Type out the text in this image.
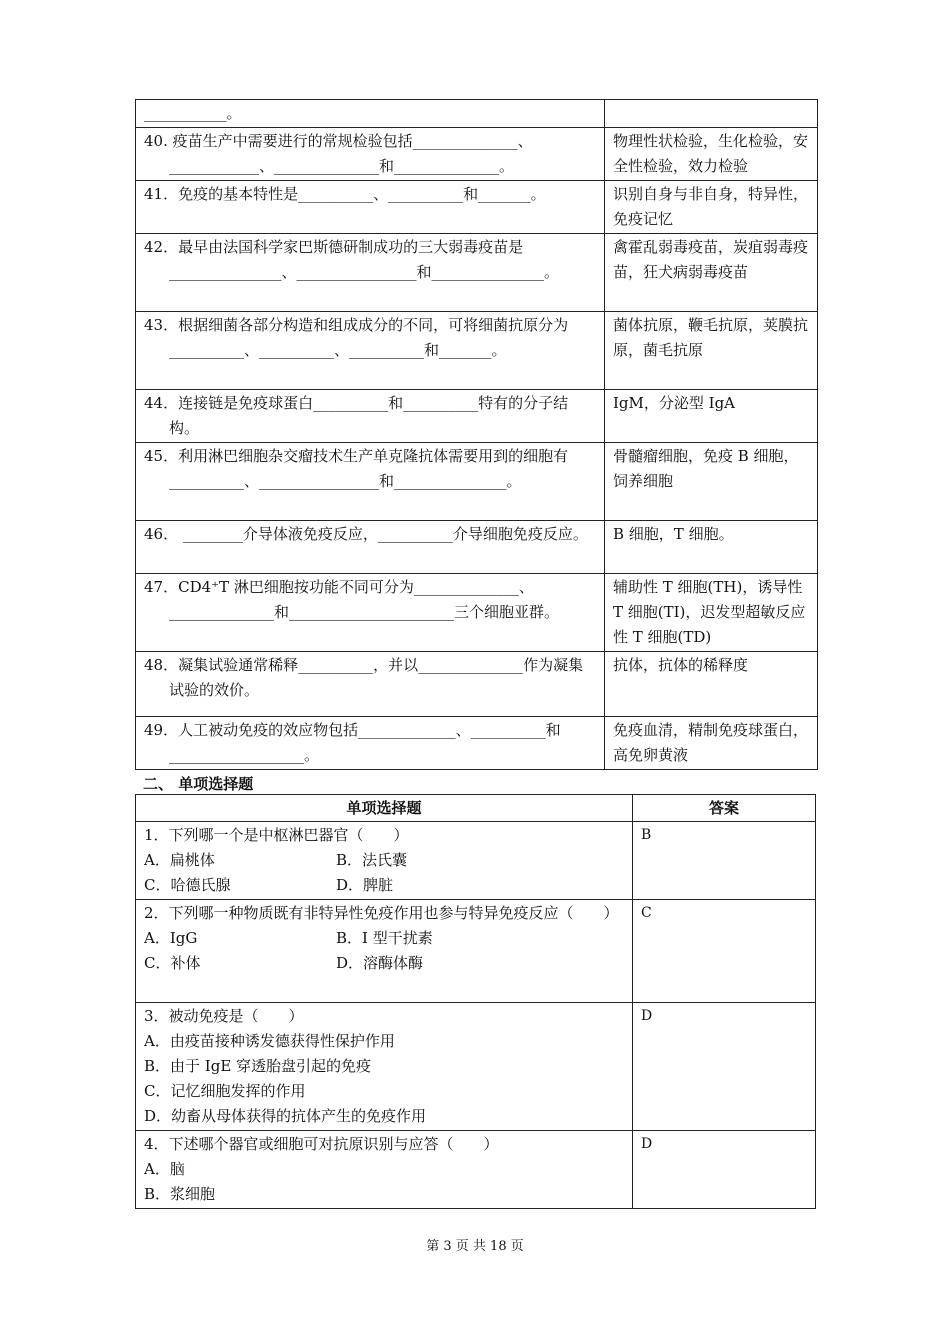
___________。	

40. 疫苗生产中需要进行的常规检验包括______________、____________、______________和______________。	物理性状检验，生化检验，安全性检验，效力检验

41．免疫的基本特性是__________、__________和_______。	识别自身与非自身，特异性，免疫记忆

42．最早由法国科学家巴斯德研制成功的三大弱毒疫苗是_______________、________________和_______________。	禽霍乱弱毒疫苗，炭疽弱毒疫苗，狂犬病弱毒疫苗

43．根据细菌各部分构造和组成成分的不同，可将细菌抗原分为__________、__________、__________和_______。	菌体抗原，鞭毛抗原，荚膜抗原，菌毛抗原

44．连接链是免疫球蛋白__________和__________特有的分子结构。	IgM，分泌型 IgA

45．利用淋巴细胞杂交瘤技术生产单克隆抗体需要用到的细胞有__________、________________和_______________。	骨髓瘤细胞，免疫 B 细胞，饲养细胞

46． ________介导体液免疫反应，__________介导细胞免疫反应。	B 细胞，T 细胞。

47．CD4⁺T 淋巴细胞按功能不同可分为______________、______________和______________________三个细胞亚群。	辅助性 T 细胞(TH)，诱导性 T 细胞(TI)，迟发型超敏反应性 T 细胞(TD)

48．凝集试验通常稀释__________，并以______________作为凝集试验的效价。	抗体，抗体的稀释度

49．人工被动免疫的效应物包括_____________、__________和__________________。	免疫血清，精制免疫球蛋白，高免卵黄液
二、 单项选择题
单项选择题	答案

1．下列哪一个是中枢淋巴器官（　　）
A．扁桃体 B．法氏囊
C．哈德氏腺 D．脾脏	B

2．下列哪一种物质既有非特异性免疫作用也参与特异免疫反应（　　）
A．IgG B．I 型干扰素
C．补体 D．溶酶体酶	C

3．被动免疫是（　　）
A．由疫苗接种诱发德获得性保护作用
B．由于 IgE 穿透胎盘引起的免疫
C．记忆细胞发挥的作用
D．幼畜从母体获得的抗体产生的免疫作用	D

4．下述哪个器官或细胞可对抗原识别与应答（　　）
A．脑
B．浆细胞	D
第 3 页 共 18 页
